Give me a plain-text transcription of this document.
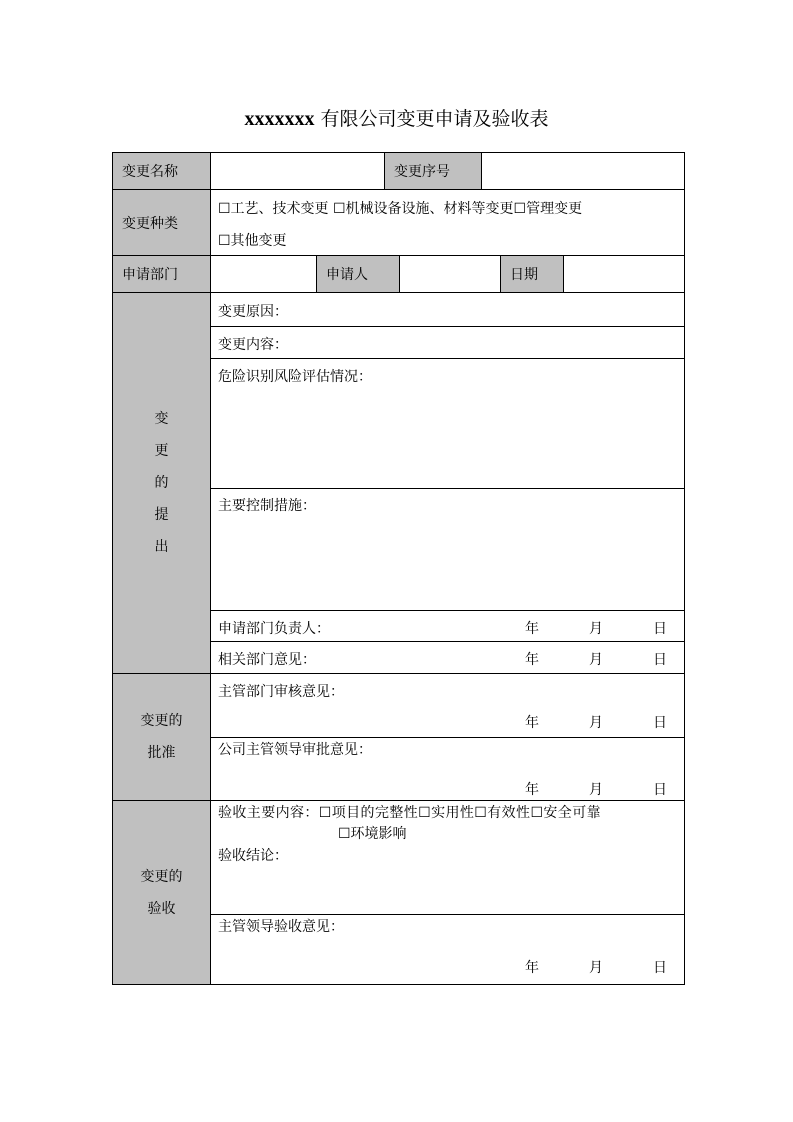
xxxxxxx 有限公司变更申请及验收表
变更名称	变更序号
变更种类
☐工艺、技术变更 ☐机械设备设施、材料等变更☐管理变更
☐其他变更
申请部门	申请人	日期
变
更
的
提
出
变更原因：
变更内容：
危险识别风险评估情况：
主要控制措施：
申请部门负责人：	年	月	日
相关部门意见：	年	月	日
变更的
批准
主管部门审核意见：
年	月	日
公司主管领导审批意见：
年	月	日
变更的
验收
验收主要内容：☐项目的完整性☐实用性☐有效性☐安全可靠
☐环境影响
验收结论：
主管领导验收意见：
年	月	日
